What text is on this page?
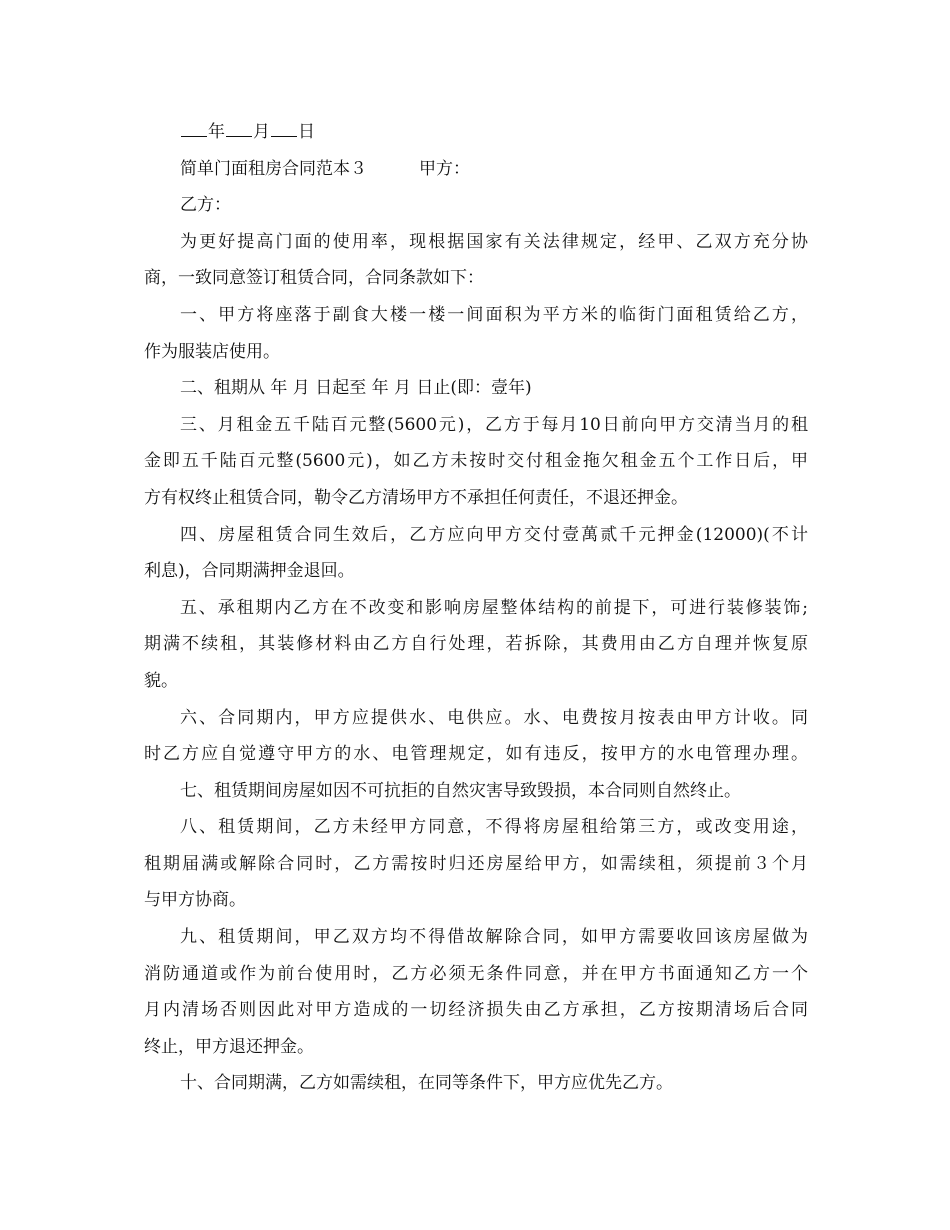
年 月 日
简单门面租房合同范本３	甲方：
乙方：
为更好提高门面的使用率，现根据国家有关法律规定，经甲、乙双方充分协
商，一致同意签订租赁合同，合同条款如下：
一、甲方将座落于副食大楼一楼一间面积为平方米的临街门面租赁给乙方，
作为服装店使用。
二、租期从 年 月 日起至 年 月 日止(即：壹年)
三、月租金五千陆百元整(5600元)，乙方于每月10日前向甲方交清当月的租
金即五千陆百元整(5600元)，如乙方未按时交付租金拖欠租金五个工作日后，甲
方有权终止租赁合同，勒令乙方清场甲方不承担任何责任，不退还押金。
四、房屋租赁合同生效后，乙方应向甲方交付壹萬贰千元押金(12000)(不计
利息)，合同期满押金退回。
五、承租期内乙方在不改变和影响房屋整体结构的前提下，可进行装修装饰;
期满不续租，其装修材料由乙方自行处理，若拆除，其费用由乙方自理并恢复原
貌。
六、合同期内，甲方应提供水、电供应。水、电费按月按表由甲方计收。同
时乙方应自觉遵守甲方的水、电管理规定，如有违反，按甲方的水电管理办理。
七、租赁期间房屋如因不可抗拒的自然灾害导致毁损，本合同则自然终止。
八、租赁期间，乙方未经甲方同意，不得将房屋租给第三方，或改变用途，
租期届满或解除合同时，乙方需按时归还房屋给甲方，如需续租，须提前３个月
与甲方协商。
九、租赁期间，甲乙双方均不得借故解除合同，如甲方需要收回该房屋做为
消防通道或作为前台使用时，乙方必须无条件同意，并在甲方书面通知乙方一个
月内清场否则因此对甲方造成的一切经济损失由乙方承担，乙方按期清场后合同
终止，甲方退还押金。
十、合同期满，乙方如需续租，在同等条件下，甲方应优先乙方。
